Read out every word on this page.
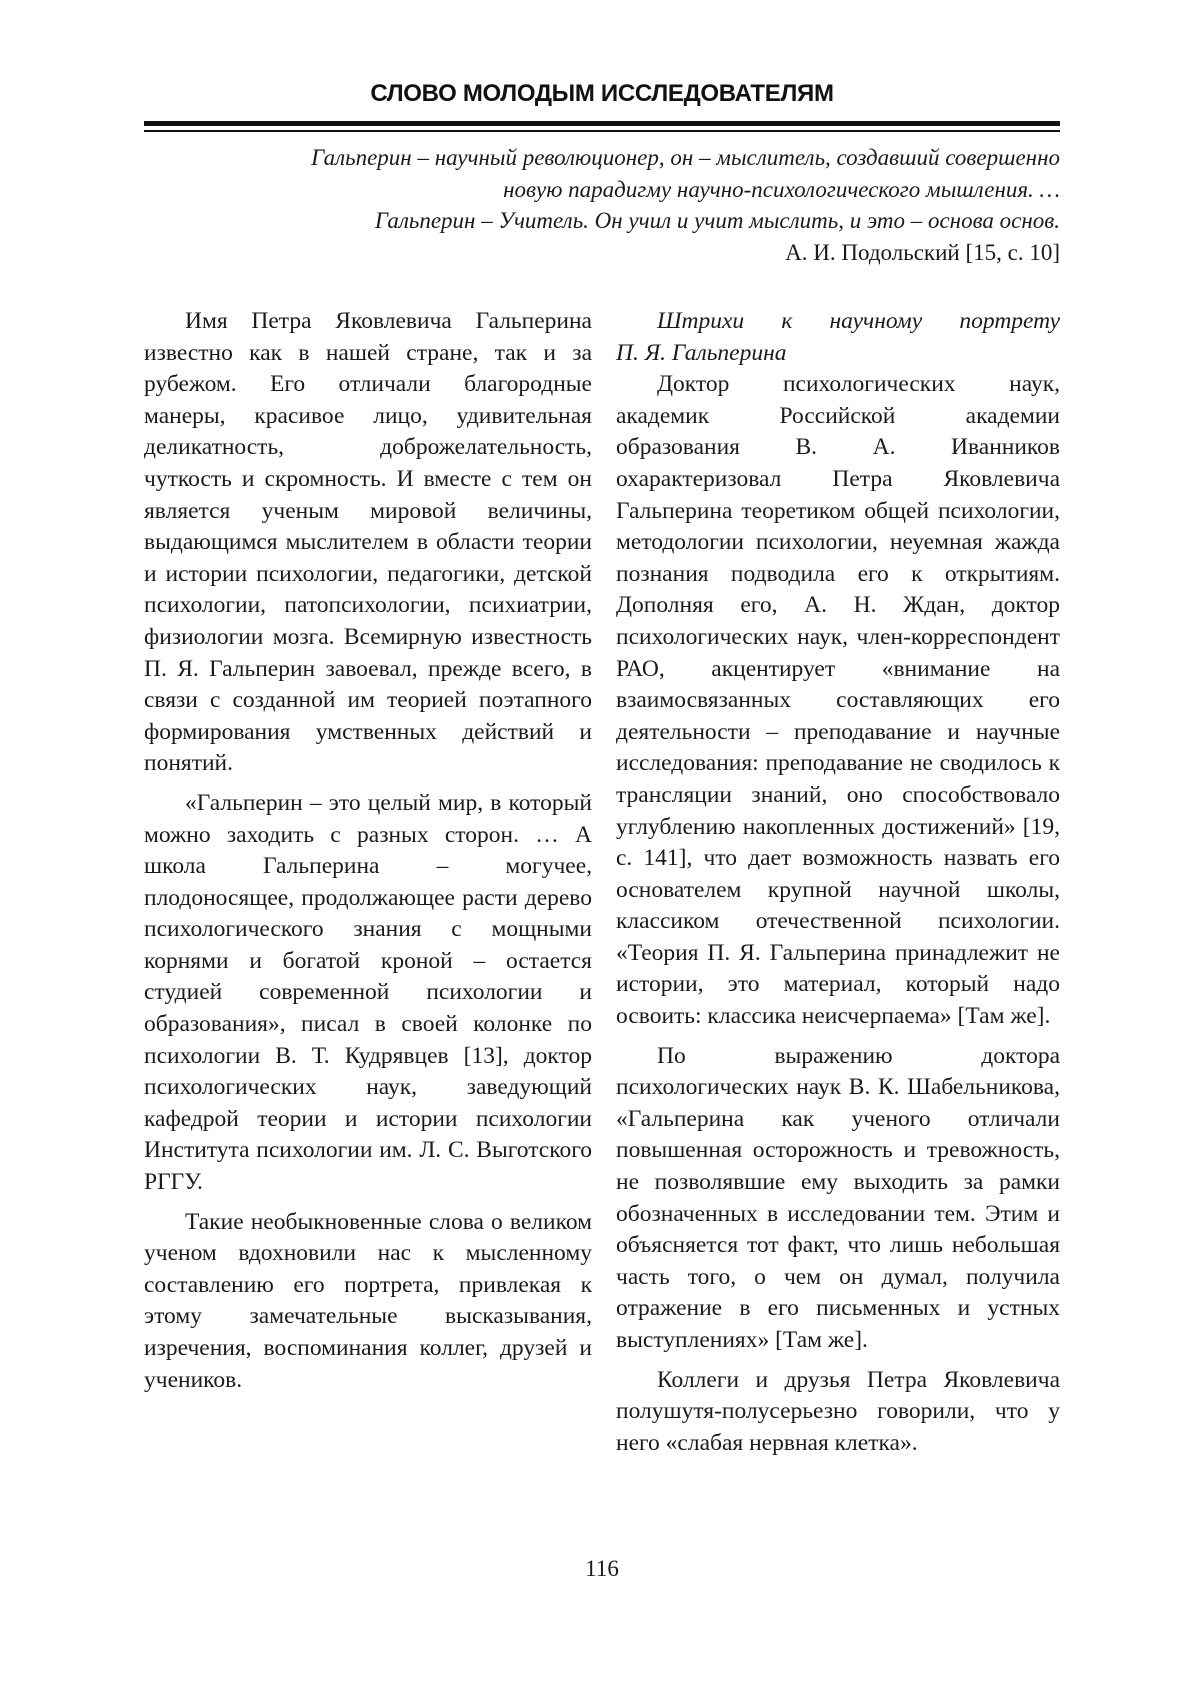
СЛОВО МОЛОДЫМ ИССЛЕДОВАТЕЛЯМ
Гальперин – научный революционер, он – мыслитель, создавший совершенно
новую парадигму научно-психологического мышления. …
Гальперин – Учитель. Он учил и учит мыслить, и это – основа основ.
А. И. Подольский [15, с. 10]

Имя Петра Яковлевича Гальперина известно как в нашей стране, так и за рубежом. Его отличали благородные манеры, красивое лицо, удивительная деликатность, доброжелательность, чуткость и скромность. И вместе с тем он является ученым мировой величины, выдающимся мыслителем в области теории и истории психологии, педагогики, детской психологии, патопсихологии, психиатрии, физиологии мозга. Всемирную известность П. Я. Гальперин завоевал, прежде всего, в связи с созданной им теорией поэтапного формирования умственных действий и понятий.

«Гальперин – это целый мир, в который можно заходить с разных сторон. … А школа Гальперина – могучее, плодоносящее, продолжающее расти дерево психологического знания с мощными корнями и богатой кроной – остается студией современной психологии и образования», писал в своей колонке по психологии В. Т. Кудрявцев [13], доктор психологических наук, заведующий кафедрой теории и истории психологии Института психологии им. Л. С. Выготского РГГУ.

Такие необыкновенные слова о великом ученом вдохновили нас к мысленному составлению его портрета, привлекая к этому замечательные высказывания, изречения, воспоминания коллег, друзей и учеников.

Штрихи к научному портрету

П. Я. Гальперина

Доктор психологических наук, академик Российской академии образования В. А. Иванников охарактеризовал Петра Яковлевича Гальперина теоретиком общей психологии, методологии психологии, неуемная жажда познания подводила его к открытиям. Дополняя его, А. Н. Ждан, доктор психологических наук, член-корреспондент РАО, акцентирует «внимание на взаимосвязанных составляющих его деятельности – преподавание и научные исследования: преподавание не сводилось к трансляции знаний, оно способствовало углублению накопленных достижений» [19, с. 141], что дает возможность назвать его основателем крупной научной школы, классиком отечественной психологии. «Теория П. Я. Гальперина принадлежит не истории, это материал, который надо освоить: классика неисчерпаема» [Там же].

По выражению доктора психологических наук В. К. Шабельникова, «Гальперина как ученого отличали повышенная осторожность и тревожность, не позволявшие ему выходить за рамки обозначенных в исследовании тем. Этим и объясняется тот факт, что лишь небольшая часть того, о чем он думал, получила отражение в его письменных и устных выступлениях» [Там же].

Коллеги и друзья Петра Яковлевича полушутя-полусерьезно говорили, что у него «слабая нервная клетка».

116
